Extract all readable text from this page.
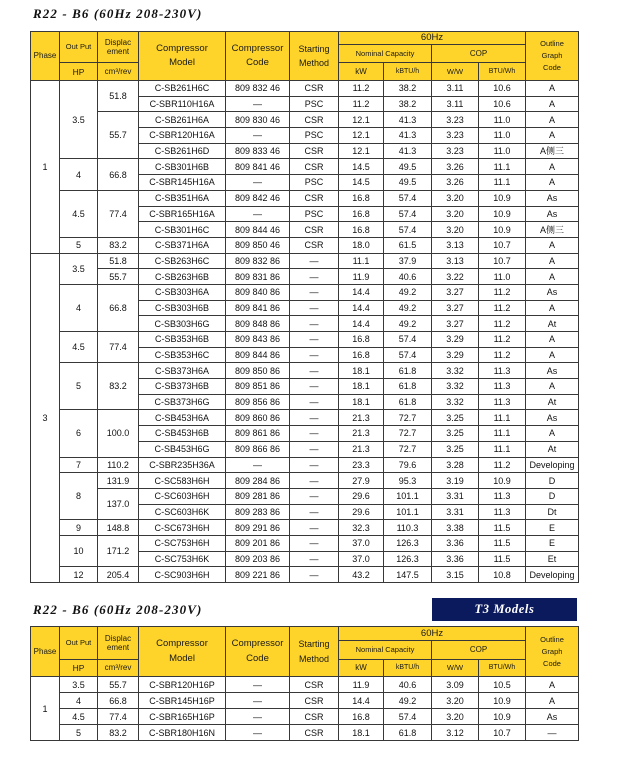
R22 - B6 (60Hz 208-230V)
Phase	Out Put	Displac
ement	Compressor
Model	Compressor
Code	Starting
Method	60Hz				Outline
Graph
Code

						Nominal Capacity		COP		
	HP	cm³/rev				kW	kBTU/h	W/W	BTU/Wh	
1	3.5	51.8	C-SB261H6C	809 832 46	CSR	11.2	38.2	3.11	10.6	A
			C-SBR110H16A	—	PSC	11.2	38.2	3.11	10.6	A
		55.7	C-SB261H6A	809 830 46	CSR	12.1	41.3	3.23	11.0	A
			C-SBR120H16A	—	PSC	12.1	41.3	3.23	11.0	A
			C-SB261H6D	809 833 46	CSR	12.1	41.3	3.23	11.0	A侧三
	4	66.8	C-SB301H6B	809 841 46	CSR	14.5	49.5	3.26	11.1	A
			C-SBR145H16A	—	PSC	14.5	49.5	3.26	11.1	A
	4.5	77.4	C-SB351H6A	809 842 46	CSR	16.8	57.4	3.20	10.9	As
			C-SBR165H16A	—	PSC	16.8	57.4	3.20	10.9	As
			C-SB301H6C	809 844 46	CSR	16.8	57.4	3.20	10.9	A侧三
	5	83.2	C-SB371H6A	809 850 46	CSR	18.0	61.5	3.13	10.7	A
3	3.5	51.8	C-SB263H6C	809 832 86	—	11.1	37.9	3.13	10.7	A
		55.7	C-SB263H6B	809 831 86	—	11.9	40.6	3.22	11.0	A
	4	66.8	C-SB303H6A	809 840 86	—	14.4	49.2	3.27	11.2	As
			C-SB303H6B	809 841 86	—	14.4	49.2	3.27	11.2	A
			C-SB303H6G	809 848 86	—	14.4	49.2	3.27	11.2	At
	4.5	77.4	C-SB353H6B	809 843 86	—	16.8	57.4	3.29	11.2	A
			C-SB353H6C	809 844 86	—	16.8	57.4	3.29	11.2	A
	5	83.2	C-SB373H6A	809 850 86	—	18.1	61.8	3.32	11.3	As
			C-SB373H6B	809 851 86	—	18.1	61.8	3.32	11.3	A
			C-SB373H6G	809 856 86	—	18.1	61.8	3.32	11.3	At
	6	100.0	C-SB453H6A	809 860 86	—	21.3	72.7	3.25	11.1	As
			C-SB453H6B	809 861 86	—	21.3	72.7	3.25	11.1	A
			C-SB453H6G	809 866 86	—	21.3	72.7	3.25	11.1	At
	7	110.2	C-SBR235H36A	—	—	23.3	79.6	3.28	11.2	Developing
	8	131.9	C-SC583H6H	809 284 86	—	27.9	95.3	3.19	10.9	D
		137.0	C-SC603H6H	809 281 86	—	29.6	101.1	3.31	11.3	D
			C-SC603H6K	809 283 86	—	29.6	101.1	3.31	11.3	Dt
	9	148.8	C-SC673H6H	809 291 86	—	32.3	110.3	3.38	11.5	E
	10	171.2	C-SC753H6H	809 201 86	—	37.0	126.3	3.36	11.5	E
			C-SC753H6K	809 203 86	—	37.0	126.3	3.36	11.5	Et
	12	205.4	C-SC903H6H	809 221 86	—	43.2	147.5	3.15	10.8	Developing
R22 - B6 (60Hz 208-230V)	T3 Models
Phase	Out Put	Displac
ement	Compressor
Model	Compressor
Code	Starting
Method	60Hz				Outline
Graph
Code

						Nominal Capacity		COP		
	HP	cm³/rev				kW	kBTU/h	W/W	BTU/Wh	
1	3.5	55.7	C-SBR120H16P	—	CSR	11.9	40.6	3.09	10.5	A
	4	66.8	C-SBR145H16P	—	CSR	14.4	49.2	3.20	10.9	A
	4.5	77.4	C-SBR165H16P	—	CSR	16.8	57.4	3.20	10.9	As
	5	83.2	C-SBR180H16N	—	CSR	18.1	61.8	3.12	10.7	—
